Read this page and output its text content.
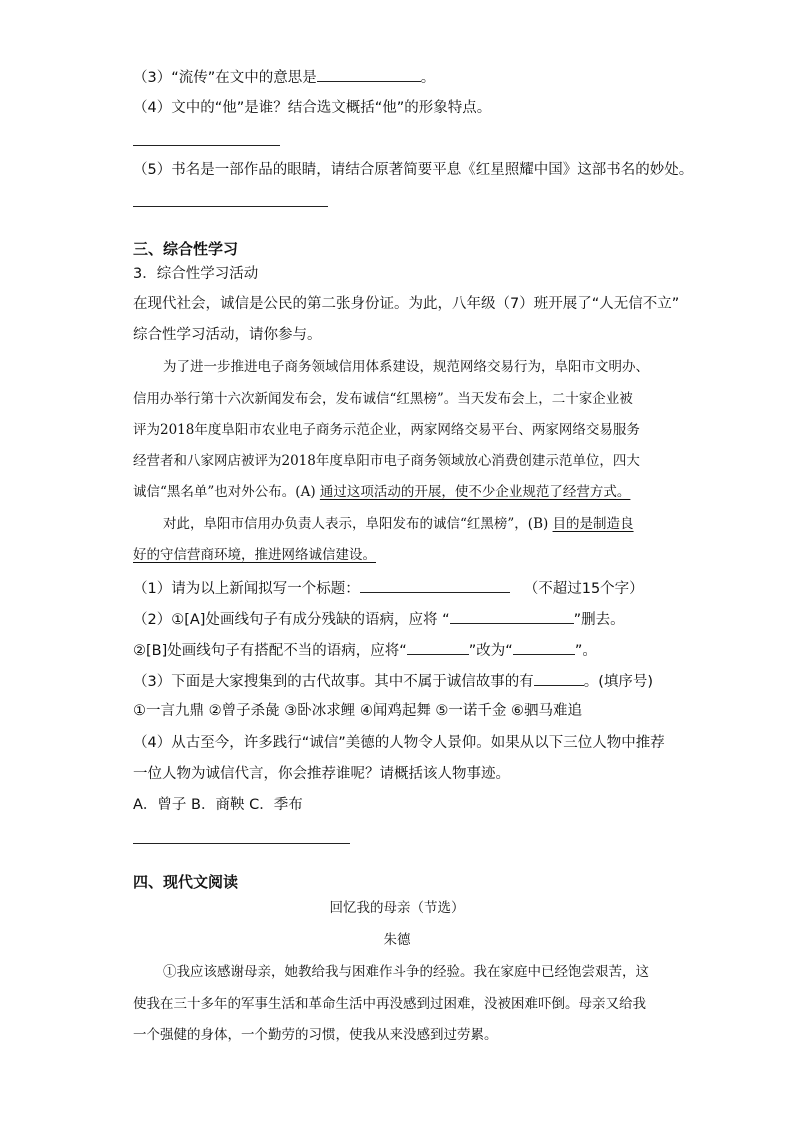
（3）“流传”在文中的意思是	。
（4）文中的“他”是谁？结合选文概括“他”的形象特点。
（5）书名是一部作品的眼睛，请结合原著简要平息《红星照耀中国》这部书名的妙处。
三、综合性学习
3．综合性学习活动
在现代社会，诚信是公民的第二张身份证。为此，八年级（7）班开展了“人无信不立”
综合性学习活动，请你参与。
为了进一步推进电子商务领域信用体系建设，规范网络交易行为，阜阳市文明办、
信用办举行第十六次新闻发布会，发布诚信“红黑榜”。当天发布会上，二十家企业被
评为2018年度阜阳市农业电子商务示范企业，两家网络交易平台、两家网络交易服务
经营者和八家网店被评为2018年度阜阳市电子商务领域放心消费创建示范单位，四大
诚信“黑名单”也对外公布。(A) 通过这项活动的开展，使不少企业规范了经营方式。
对此，阜阳市信用办负责人表示，阜阳发布的诚信“红黑榜”，(B) 目的是制造良
好的守信营商环境，推进网络诚信建设。
（1）请为以上新闻拟写一个标题：	（不超过15个字）
（2）①[A]处画线句子有成分残缺的语病，应将 “	”删去。
②[B]处画线句子有搭配不当的语病，应将“	”改为“	”。
（3）下面是大家搜集到的古代故事。其中不属于诚信故事的有	。(填序号)
①一言九鼎 ②曾子杀彘 ③卧冰求鲤 ④闻鸡起舞 ⑤一诺千金 ⑥驷马难追
（4）从古至今，许多践行“诚信”美德的人物令人景仰。如果从以下三位人物中推荐
一位人物为诚信代言，你会推荐谁呢？请概括该人物事迹。
A．曾子 B．商鞅 C．季布
四、现代文阅读
回忆我的母亲（节选）
朱德
①我应该感谢母亲，她教给我与困难作斗争的经验。我在家庭中已经饱尝艰苦，这
使我在三十多年的军事生活和革命生活中再没感到过困难，没被困难吓倒。母亲又给我
一个强健的身体，一个勤劳的习惯，使我从来没感到过劳累。
